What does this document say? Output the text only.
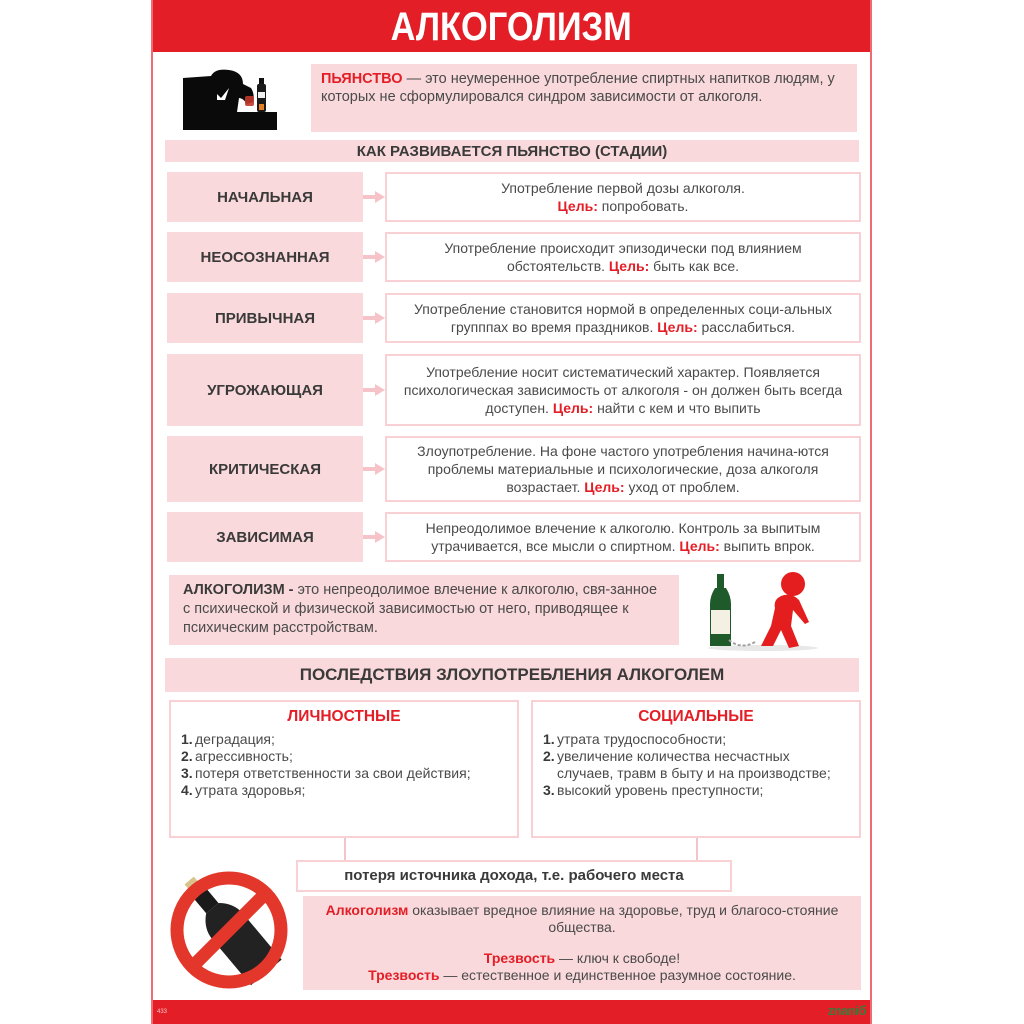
АЛКОГОЛИЗМ
ПЬЯНСТВО — это неумеренное употребление спиртных напитков людям, у которых не сформулировался синдром зависимости от алкоголя.
КАК РАЗВИВАЕТСЯ ПЬЯНСТВО (СТАДИИ)
НАЧАЛЬНАЯ
Употребление первой дозы алкоголя.
Цель: попробовать.
НЕОСОЗНАННАЯ
Употребление происходит эпизодически под влиянием обстоятельств. Цель: быть как все.
ПРИВЫЧНАЯ
Употребление становится нормой в определенных соци-альных групппах во время праздников. Цель: расслабиться.
УГРОЖАЮЩАЯ
Употребление носит систематический характер. Появляется психологическая зависимость от алкоголя - он должен быть всегда доступен. Цель: найти с кем и что выпить
КРИТИЧЕСКАЯ
Злоупотребление. На фоне частого употребления начина-ются проблемы материальные и психологические, доза алкоголя возрастает. Цель: уход от проблем.
ЗАВИСИМАЯ
Непреодолимое влечение к алкоголю. Контроль за выпитым утрачивается, все мысли о спиртном. Цель: выпить впрок.
АЛКОГОЛИЗМ - это непреодолимое влечение к алкоголю, свя-занное с психической и физической зависимостью от него, приводящее к психическим расстройствам.
ПОСЛЕДСТВИЯ ЗЛОУПОТРЕБЛЕНИЯ АЛКОГОЛЕМ
ЛИЧНОСТНЫЕ
1. деградация;
2. агрессивность;
3. потеря ответственности за свои действия;
4. утрата здоровья;
СОЦИАЛЬНЫЕ
1. утрата трудоспособности;
2. увеличение количества несчастных случаев, травм в быту и на производстве;
3. высокий уровень преступности;
потеря источника дохода, т.е. рабочего места

Алкоголизм оказывает вредное влияние на здоровье, труд и благосо-стояние общества.

Трезвость — ключ к свободе!

Трезвость — естественное и единственное разумное состояние.

433	znaniб
